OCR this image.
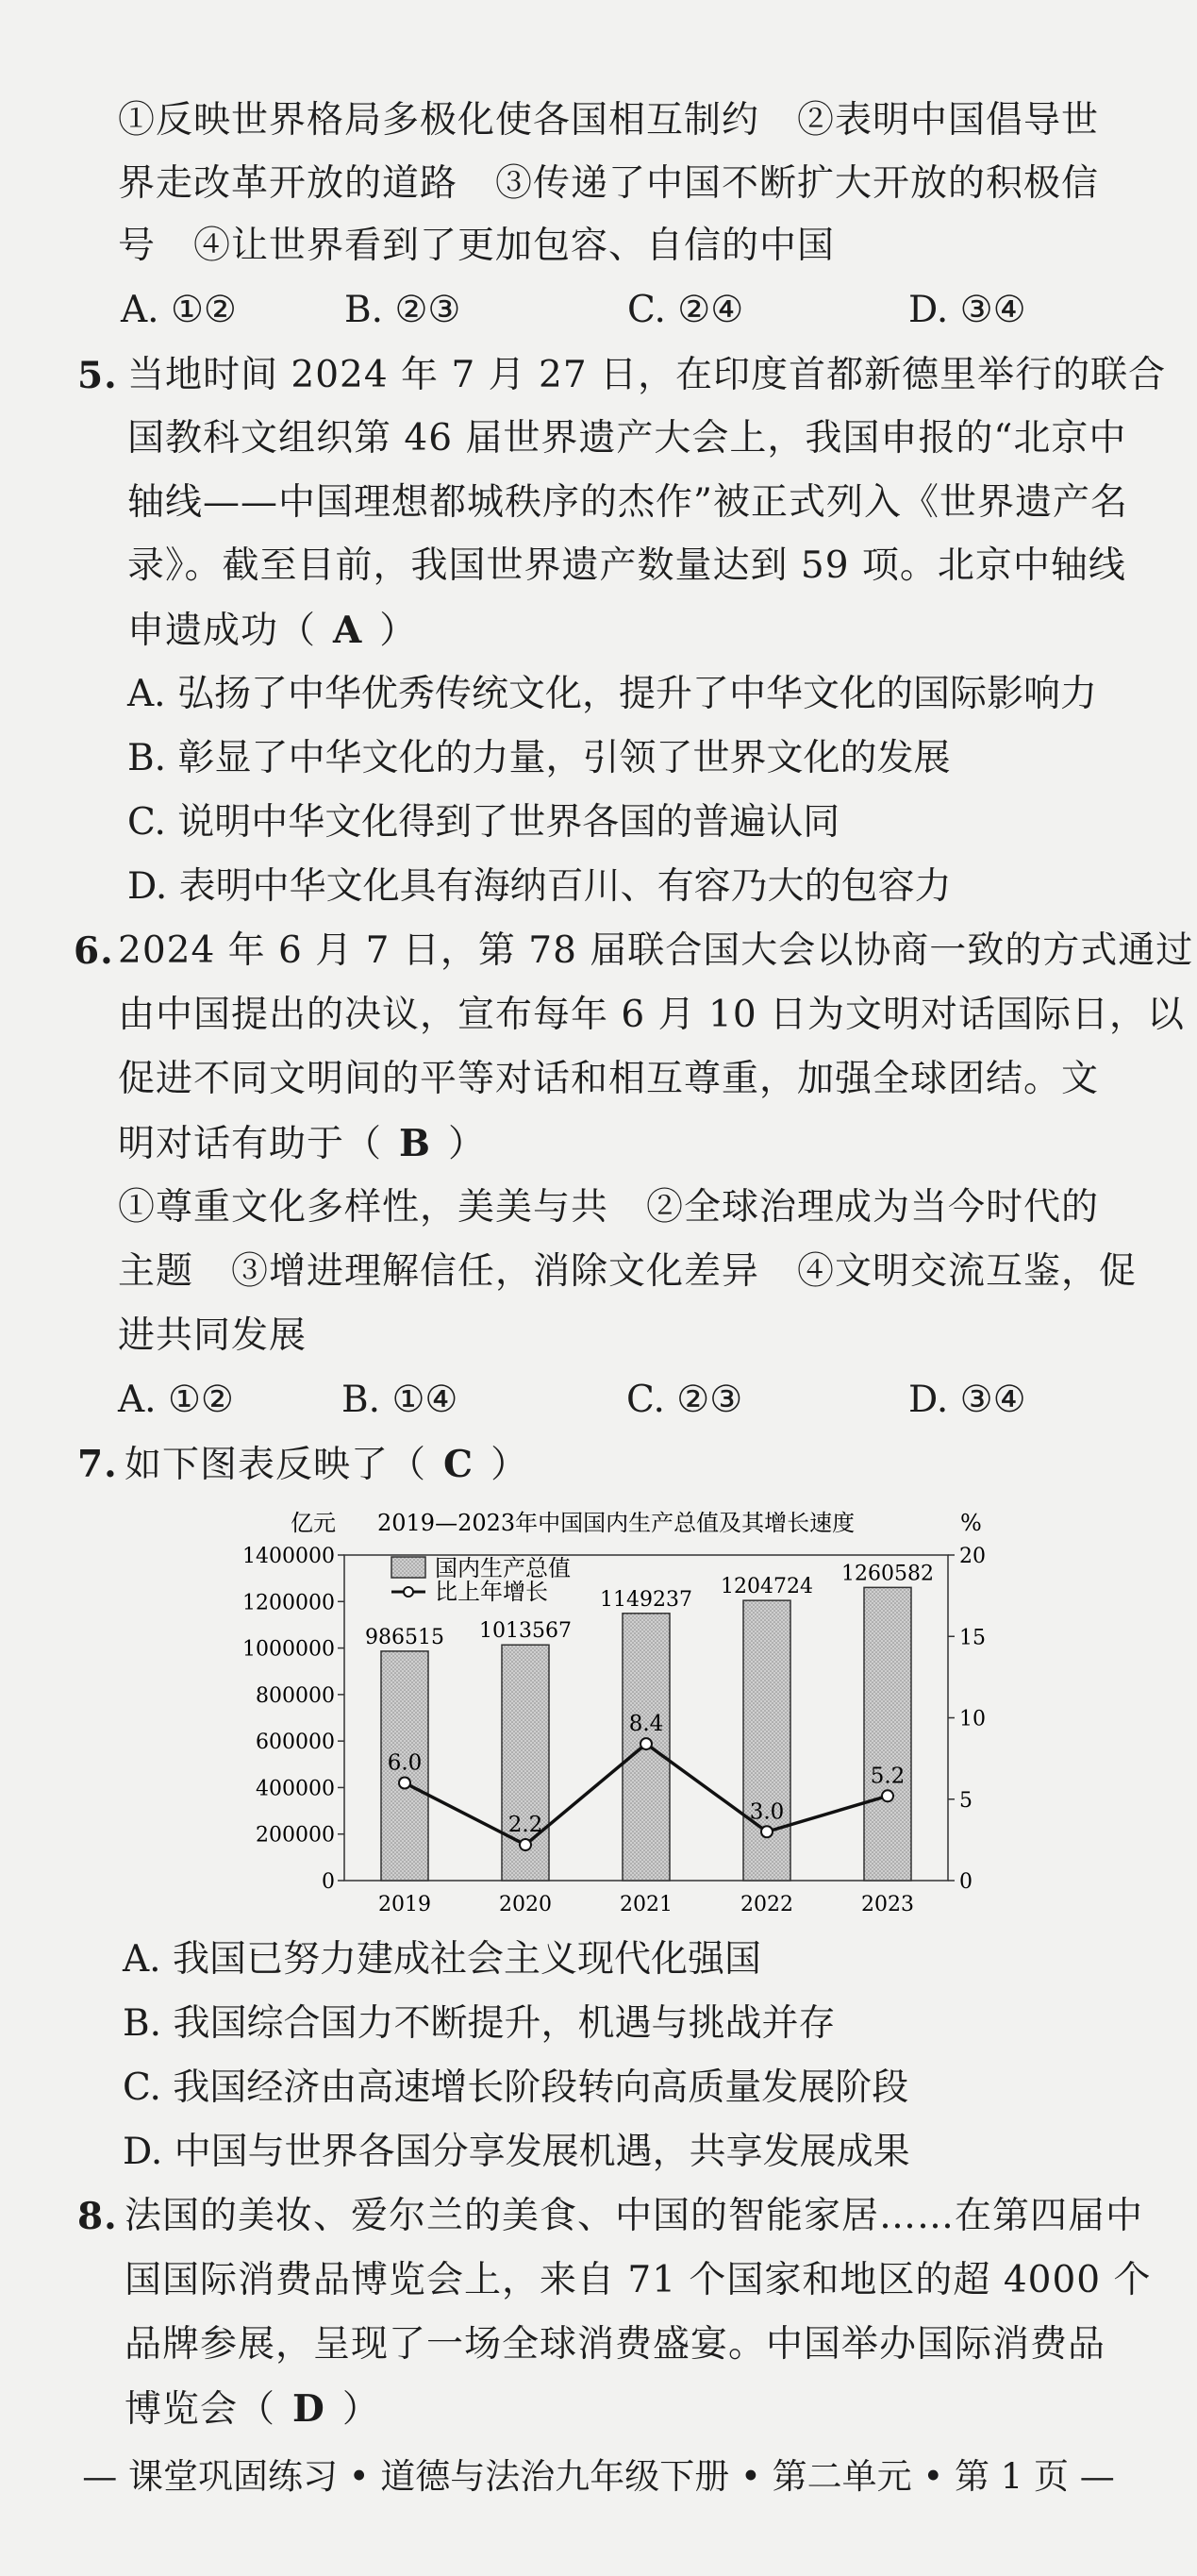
①反映世界格局多极化使各国相互制约　②表明中国倡导世
界走改革开放的道路　③传递了中国不断扩大开放的积极信
号　④让世界看到了更加包容、自信的中国
A. ①②	B. ②③	C. ②④	D. ③④
5. 当地时间 2024 年 7 月 27 日，在印度首都新德里举行的联合
国教科文组织第 46 届世界遗产大会上，我国申报的“北京中
轴线——中国理想都城秩序的杰作”被正式列入《世界遗产名
录》。截至目前，我国世界遗产数量达到 59 项。北京中轴线
申遗成功（ A ）
A. 弘扬了中华优秀传统文化，提升了中华文化的国际影响力
B. 彰显了中华文化的力量，引领了世界文化的发展
C. 说明中华文化得到了世界各国的普遍认同
D. 表明中华文化具有海纳百川、有容乃大的包容力
6. 2024 年 6 月 7 日，第 78 届联合国大会以协商一致的方式通过
由中国提出的决议，宣布每年 6 月 10 日为文明对话国际日，以
促进不同文明间的平等对话和相互尊重，加强全球团结。文
明对话有助于（ B ）
①尊重文化多样性，美美与共　②全球治理成为当今时代的
主题　③增进理解信任，消除文化差异　④文明交流互鉴，促
进共同发展
A. ①②	B. ①④	C. ②③	D. ③④
7. 如下图表反映了（ C ）
亿元 2019—2023年中国国内生产总值及其增长速度	%
0
200000
400000
600000
800000
1000000
1200000
1400000
0
5
10
15
20
986515 1013567
1149237
1204724
1260582
2019	2020	2021	2022	2023
6.0
2.2
8.4
3.0
5.2
国内生产总值
比上年增长
A. 我国已努力建成社会主义现代化强国
B. 我国综合国力不断提升，机遇与挑战并存
C. 我国经济由高速增长阶段转向高质量发展阶段
D. 中国与世界各国分享发展机遇，共享发展成果
8. 法国的美妆、爱尔兰的美食、中国的智能家居……在第四届中
国国际消费品博览会上，来自 71 个国家和地区的超 4000 个
品牌参展，呈现了一场全球消费盛宴。中国举办国际消费品
博览会（ D ）
— 课堂巩固练习 • 道德与法治九年级下册 • 第二单元 • 第 1 页 —
